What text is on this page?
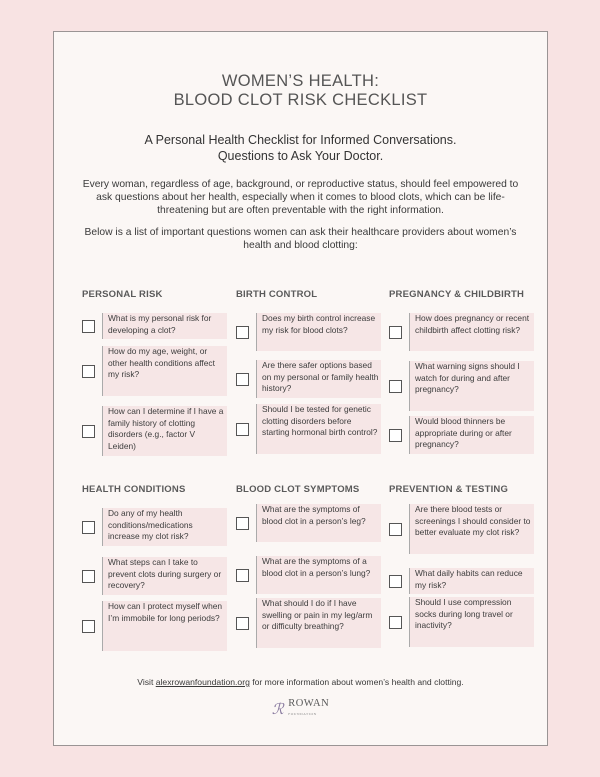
WOMEN’S HEALTH:
BLOOD CLOT RISK CHECKLIST
A Personal Health Checklist for Informed Conversations.
Questions to Ask Your Doctor.

Every woman, regardless of age, background, or reproductive status, should feel empowered to ask questions about her health, especially when it comes to blood clots, which can be life-threatening but are often preventable with the right information.

Below is a list of important questions women can ask their healthcare providers about women’s health and blood clotting:

PERSONAL RISK
What is my personal risk for developing a clot?
How do my age, weight, or other health conditions affect my risk?
How can I determine if I have a family history of clotting disorders (e.g., factor V Leiden)
BIRTH CONTROL
Does my birth control increase my risk for blood clots?
Are there safer options based on my personal or family health history?
Should I be tested for genetic clotting disorders before starting hormonal birth control?
PREGNANCY & CHILDBIRTH
How does pregnancy or recent childbirth affect clotting risk?
What warning signs should I watch for during and after pregnancy?
Would blood thinners be appropriate during or after pregnancy?
HEALTH CONDITIONS
Do any of my health conditions/medications increase my clot risk?
What steps can I take to prevent clots during surgery or recovery?
How can I protect myself when I’m immobile for long periods?
BLOOD CLOT SYMPTOMS
What are the symptoms of blood clot in a person’s leg?
What are the symptoms of a blood clot in a person’s lung?
What should I do if I have swelling or pain in my leg/arm or difficulty breathing?
PREVENTION & TESTING
Are there blood tests or screenings I should consider to better evaluate my clot risk?
What daily habits can reduce my risk?
Should I use compression socks during long travel or inactivity?
Visit alexrowanfoundation.org for more information about women’s health and clotting.
ℛ ROWAN
FOUNDATION
